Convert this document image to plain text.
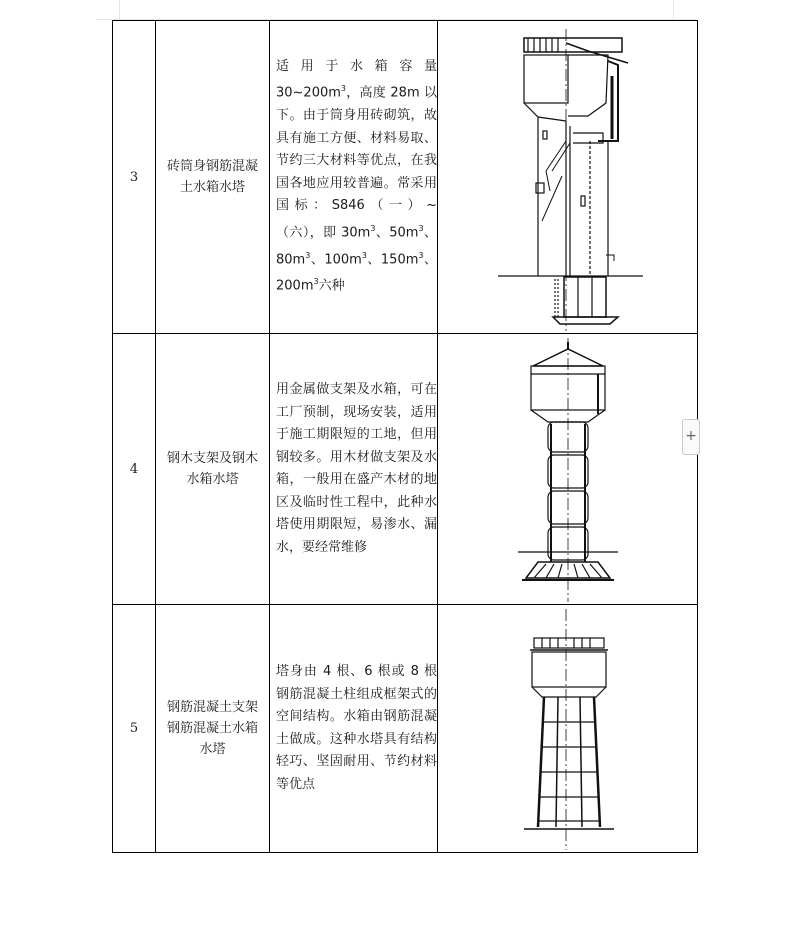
3	砖筒身钢筋混凝土水箱水塔	适用于水箱容量$30\sim 200m^3$，高度 28m 以下。由于筒身用砖砌筑，故具有施工方便、材料易取、节约三大材料等优点，在我国各地应用较普遍。常采用国标：S846（一）~（六），即 $30m^3$、$50m^3$、$80m^3$、$100m^3$、$150m^3$、$200m^3$六种	

4	钢木支架及钢木水箱水塔	用金属做支架及水箱，可在工厂预制，现场安装，适用于施工期限短的工地，但用钢较多。用木材做支架及水箱，一般用在盛产木材的地区及临时性工程中，此种水塔使用期限短，易渗水、漏水，要经常维修	

5	钢筋混凝土支架钢筋混凝土水箱水塔	塔身由 4 根、6 根或 8 根钢筋混凝土柱组成框架式的空间结构。水箱由钢筋混凝土做成。这种水塔具有结构轻巧、坚固耐用、节约材料等优点	
+
